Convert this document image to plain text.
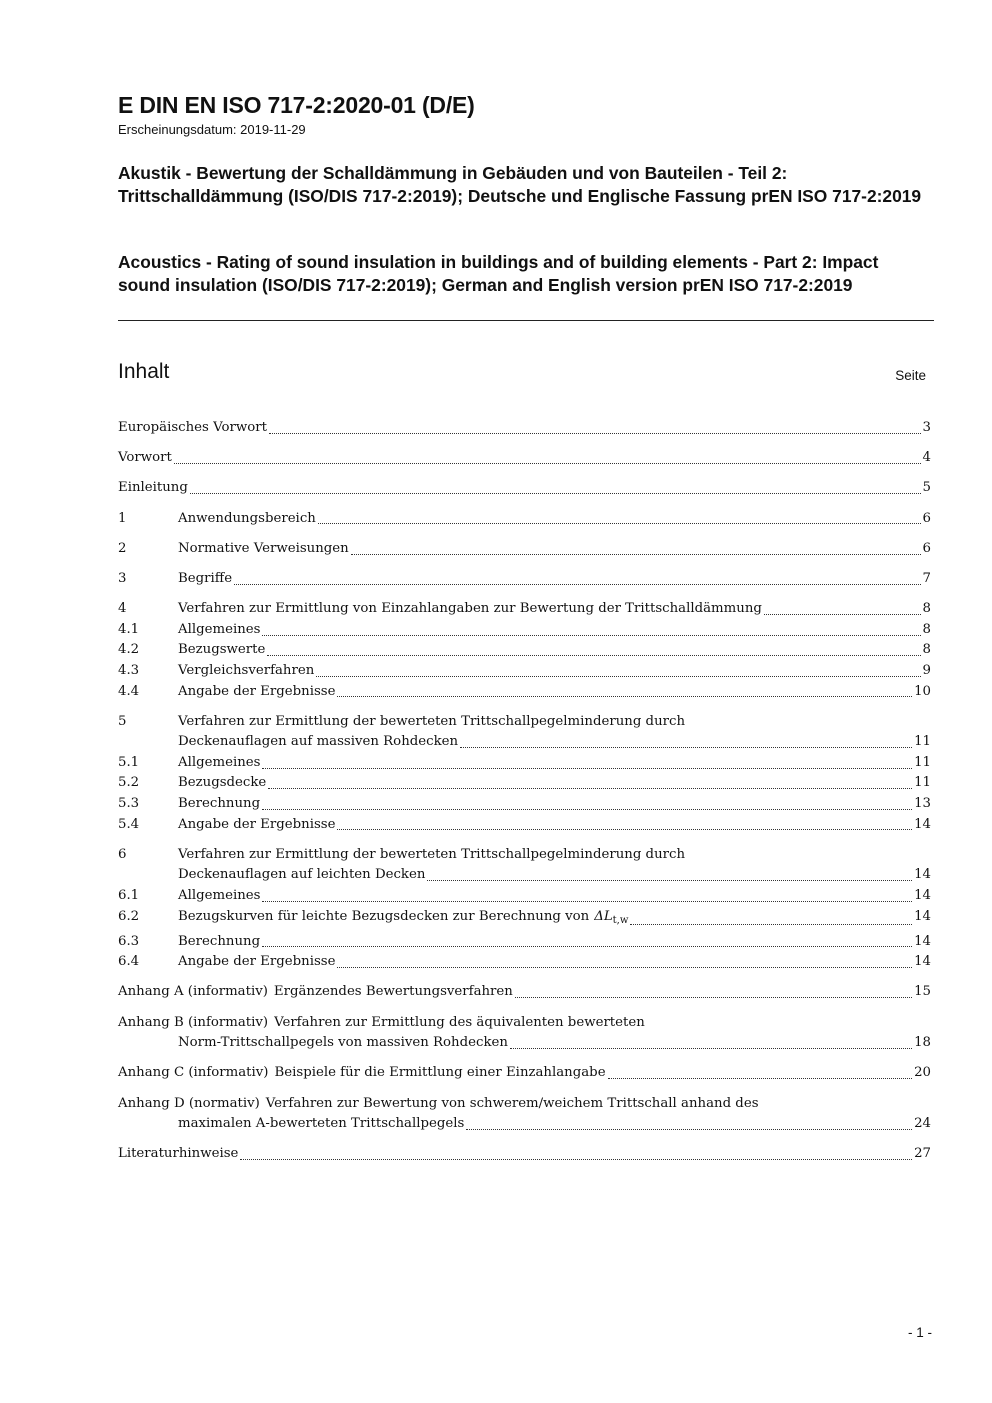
E DIN EN ISO 717-2:2020-01 (D/E)
Erscheinungsdatum: 2019-11-29
Akustik - Bewertung der Schalldämmung in Gebäuden und von Bauteilen - Teil 2: Trittschalldämmung (ISO/DIS 717-2:2019); Deutsche und Englische Fassung prEN ISO 717-2:2019
Acoustics - Rating of sound insulation in buildings and of building elements - Part 2: Impact sound insulation (ISO/DIS 717-2:2019); German and English version prEN ISO 717-2:2019
Inhalt	Seite
Europäisches Vorwort	3
Vorwort	4
Einleitung	5
1	Anwendungsbereich	6
2	Normative Verweisungen	6
3	Begriffe	7
4	Verfahren zur Ermittlung von Einzahlangaben zur Bewertung der Trittschalldämmung	8
4.1	Allgemeines	8
4.2	Bezugswerte	8
4.3	Vergleichsverfahren	9
4.4	Angabe der Ergebnisse	10
5	Verfahren zur Ermittlung der bewerteten Trittschallpegelminderung durch
Deckenauflagen auf massiven Rohdecken	11
5.1	Allgemeines	11
5.2	Bezugsdecke	11
5.3	Berechnung	13
5.4	Angabe der Ergebnisse	14
6	Verfahren zur Ermittlung der bewerteten Trittschallpegelminderung durch
Deckenauflagen auf leichten Decken	14
6.1	Allgemeines	14
6.2	Bezugskurven für leichte Bezugsdecken zur Berechnung von $\Delta L_{t,w}$	14
6.3	Berechnung	14
6.4	Angabe der Ergebnisse	14
Anhang A (informativ) Ergänzendes Bewertungsverfahren	15
Anhang B (informativ) Verfahren zur Ermittlung des äquivalenten bewerteten
Norm-Trittschallpegels von massiven Rohdecken	18
Anhang C (informativ) Beispiele für die Ermittlung einer Einzahlangabe	20
Anhang D (normativ) Verfahren zur Bewertung von schwerem/weichem Trittschall anhand des
maximalen A-bewerteten Trittschallpegels	24
Literaturhinweise	27
- 1 -
